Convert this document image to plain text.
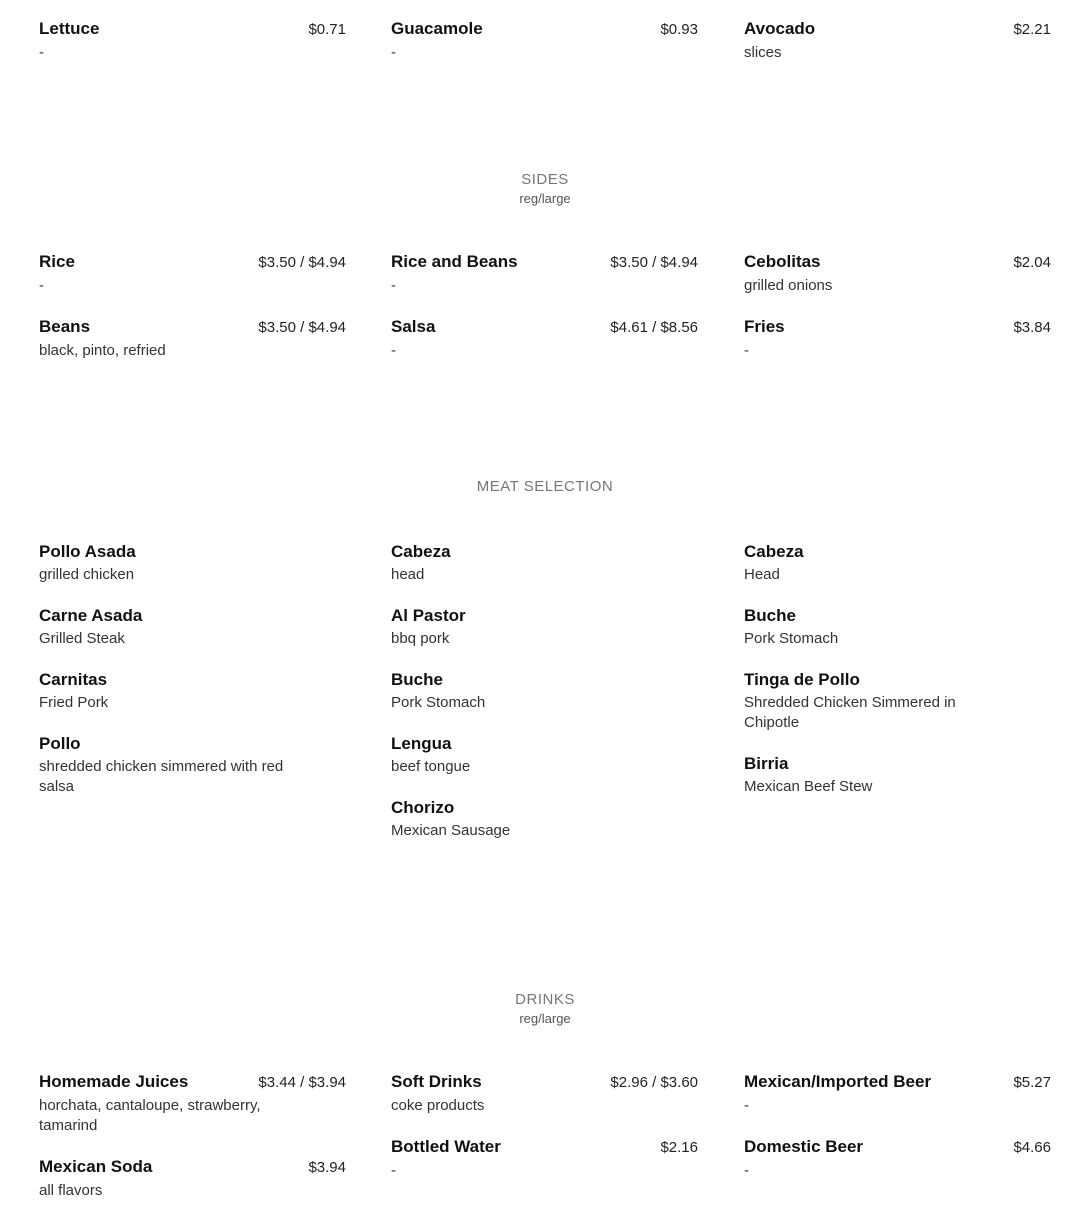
Lettuce	$0.71
-
Guacamole	$0.93
-
Avocado	$2.21
slices
SIDES
reg/large
Rice	$3.50 / $4.94
-
Beans	$3.50 / $4.94
black, pinto, refried
Rice and Beans	$3.50 / $4.94
-
Salsa	$4.61 / $8.56
-
Cebolitas	$2.04
grilled onions
Fries	$3.84
-
MEAT SELECTION
Pollo Asada
grilled chicken
Carne Asada
Grilled Steak
Carnitas
Fried Pork
Pollo
shredded chicken simmered with red salsa
Cabeza
head
Al Pastor
bbq pork
Buche
Pork Stomach
Lengua
beef tongue
Chorizo
Mexican Sausage
Cabeza
Head
Buche
Pork Stomach
Tinga de Pollo
Shredded Chicken Simmered in Chipotle
Birria
Mexican Beef Stew
DRINKS
reg/large
Homemade Juices	$3.44 / $3.94
horchata, cantaloupe, strawberry, tamarind
Mexican Soda	$3.94
all flavors
Soft Drinks	$2.96 / $3.60
coke products
Bottled Water	$2.16
-
Mexican/Imported Beer	$5.27
-
Domestic Beer	$4.66
-
